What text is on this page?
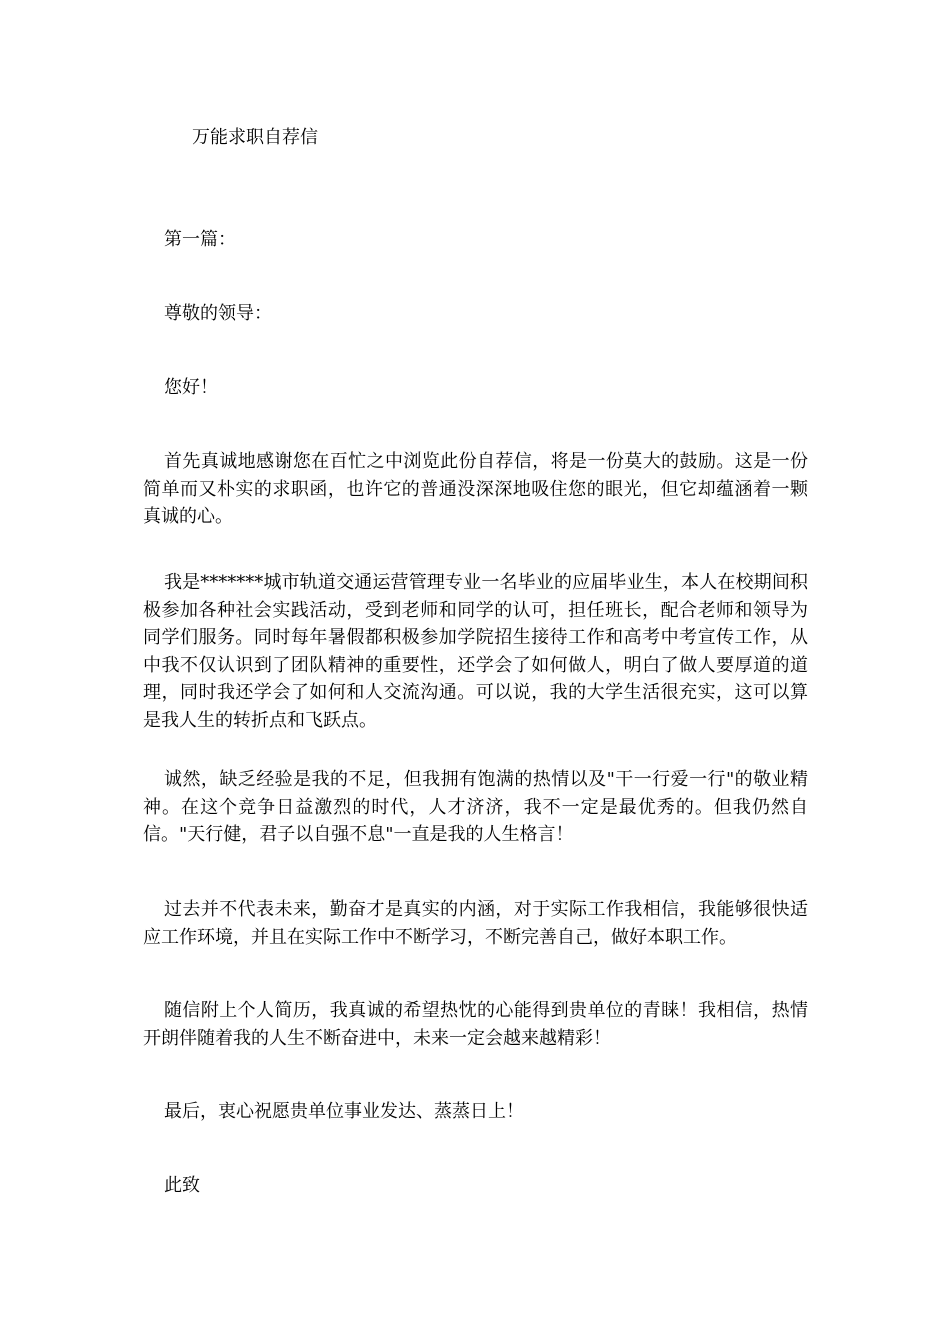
万能求职自荐信

第一篇：

尊敬的领导：

您好！

首先真诚地感谢您在百忙之中浏览此份自荐信，将是一份莫大的鼓励。这是一份简单而又朴实的求职函，也许它的普通没深深地吸住您的眼光，但它却蕴涵着一颗真诚的心。

我是*******城市轨道交通运营管理专业一名毕业的应届毕业生，本人在校期间积极参加各种社会实践活动，受到老师和同学的认可，担任班长，配合老师和领导为同学们服务。同时每年暑假都积极参加学院招生接待工作和高考中考宣传工作，从中我不仅认识到了团队精神的重要性，还学会了如何做人，明白了做人要厚道的道理，同时我还学会了如何和人交流沟通。可以说，我的大学生活很充实，这可以算是我人生的转折点和飞跃点。

诚然，缺乏经验是我的不足，但我拥有饱满的热情以及"干一行爱一行"的敬业精神。在这个竞争日益激烈的时代，人才济济，我不一定是最优秀的。但我仍然自信。"天行健，君子以自强不息"一直是我的人生格言！

过去并不代表未来，勤奋才是真实的内涵，对于实际工作我相信，我能够很快适应工作环境，并且在实际工作中不断学习，不断完善自己，做好本职工作。

随信附上个人简历，我真诚的希望热忱的心能得到贵单位的青睐！我相信，热情开朗伴随着我的人生不断奋进中，未来一定会越来越精彩！

最后，衷心祝愿贵单位事业发达、蒸蒸日上！

此致
